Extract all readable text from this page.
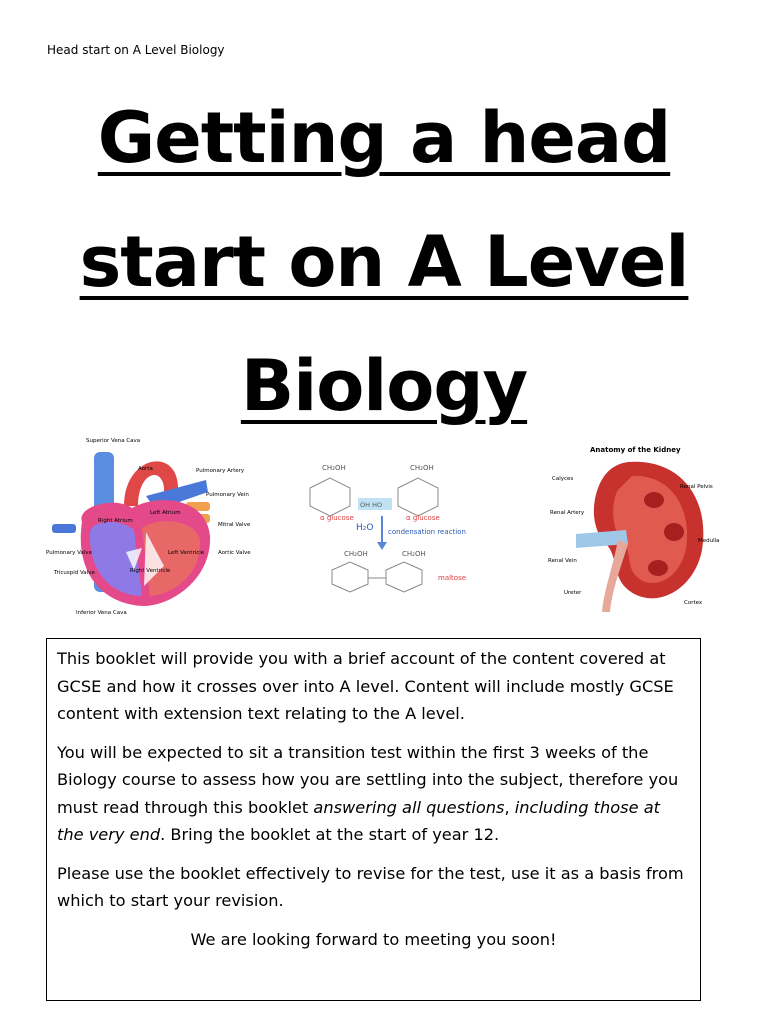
Head start on A Level Biology
Getting a head
start on A Level
Biology
Superior Vena Cava
Aorta	Pulmonary Artery
Pulmonary Vein
Left Atrium
Right Atrium
Mitral Valve
Aortic Valve
Left Ventricle
Right Ventricle
Pulmonary Valve
Tricuspid Valve
Inferior Vena Cava
CH₂OH	CH₂OH
OH HO
α glucose	α glucose
H₂O condensation reaction
CH₂OH	CH₂OH
maltose
Anatomy of the Kidney
Calyces
Renal Pelvis
Renal Artery
Medulla
Renal Vein
Ureter
Cortex

This booklet will provide you with a brief account of the content covered at GCSE and how it crosses over into A level. Content will include mostly GCSE content with extension text relating to the A level.

You will be expected to sit a transition test within the first 3 weeks of the Biology course to assess how you are settling into the subject, therefore you must read through this booklet answering all questions, including those at the very end. Bring the booklet at the start of year 12.

Please use the booklet effectively to revise for the test, use it as a basis from which to start your revision.

We are looking forward to meeting you soon!
